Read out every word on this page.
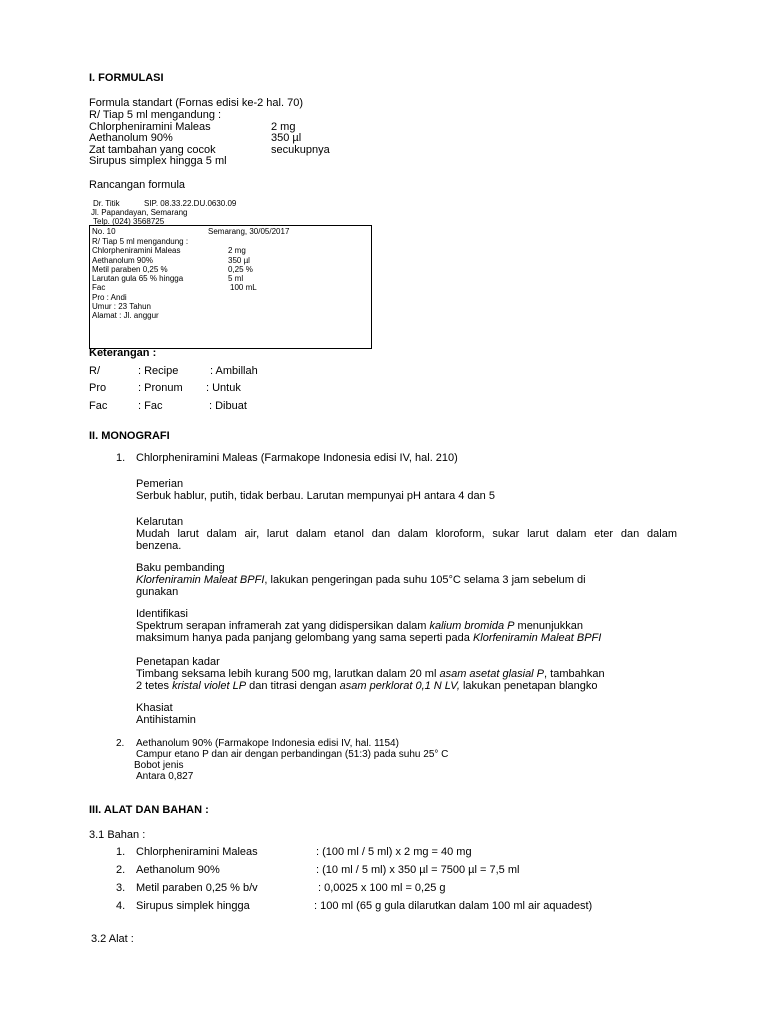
I. FORMULASI
Formula standart (Fornas edisi ke-2 hal. 70)
R/ Tiap 5 ml mengandung :
Chlorpheniramini Maleas	2 mg
Aethanolum 90%	350 µl
Zat tambahan yang cocok	secukupnya
Sirupus simplex hingga 5 ml
Rancangan formula
Dr. Titik	SIP. 08.33.22.DU.0630.09
Jl. Papandayan, Semarang
Telp. (024) 3568725
No. 10	Semarang, 30/05/2017
R/ Tiap 5 ml mengandung :
Chlorpheniramini Maleas	2 mg
Aethanolum 90%	350 µl
Metil paraben 0,25 %	0,25 %
Larutan gula 65 % hingga	5 ml
Fac	100 mL
Pro : Andi
Umur : 23 Tahun
Alamat : Jl. anggur
Keterangan :
R/	: Recipe	: Ambillah
Pro	: Pronum : Untuk
Fac	: Fac	: Dibuat
II. MONOGRAFI
1. Chlorpheniramini Maleas (Farmakope Indonesia edisi IV, hal. 210)
Pemerian
Serbuk hablur, putih, tidak berbau. Larutan mempunyai pH antara 4 dan 5
Kelarutan
Mudah larut dalam air, larut dalam etanol dan dalam kloroform, sukar larut dalam eter dan dalam
benzena.
Baku pembanding
Klorfeniramin Maleat BPFI, lakukan pengeringan pada suhu 105°C selama 3 jam sebelum di
gunakan
Identifikasi
Spektrum serapan inframerah zat yang didispersikan dalam kalium bromida P menunjukkan
maksimum hanya pada panjang gelombang yang sama seperti pada Klorfeniramin Maleat BPFI
Penetapan kadar
Timbang seksama lebih kurang 500 mg, larutkan dalam 20 ml asam asetat glasial P, tambahkan
2 tetes kristal violet LP dan titrasi dengan asam perklorat 0,1 N LV, lakukan penetapan blangko
Khasiat
Antihistamin
2. Aethanolum 90% (Farmakope Indonesia edisi IV, hal. 1154)
Campur etano P dan air dengan perbandingan (51:3) pada suhu 25° C
Bobot jenis
Antara 0,827
III. ALAT DAN BAHAN :
3.1 Bahan :
1. Chlorpheniramini Maleas	: (100 ml / 5 ml) x 2 mg = 40 mg
2. Aethanolum 90%	: (10 ml / 5 ml) x 350 µl = 7500 µl = 7,5 ml
3. Metil paraben 0,25 % b/v	: 0,0025 x 100 ml = 0,25 g
4. Sirupus simplek hingga	: 100 ml (65 g gula dilarutkan dalam 100 ml air aquadest)
3.2 Alat :
